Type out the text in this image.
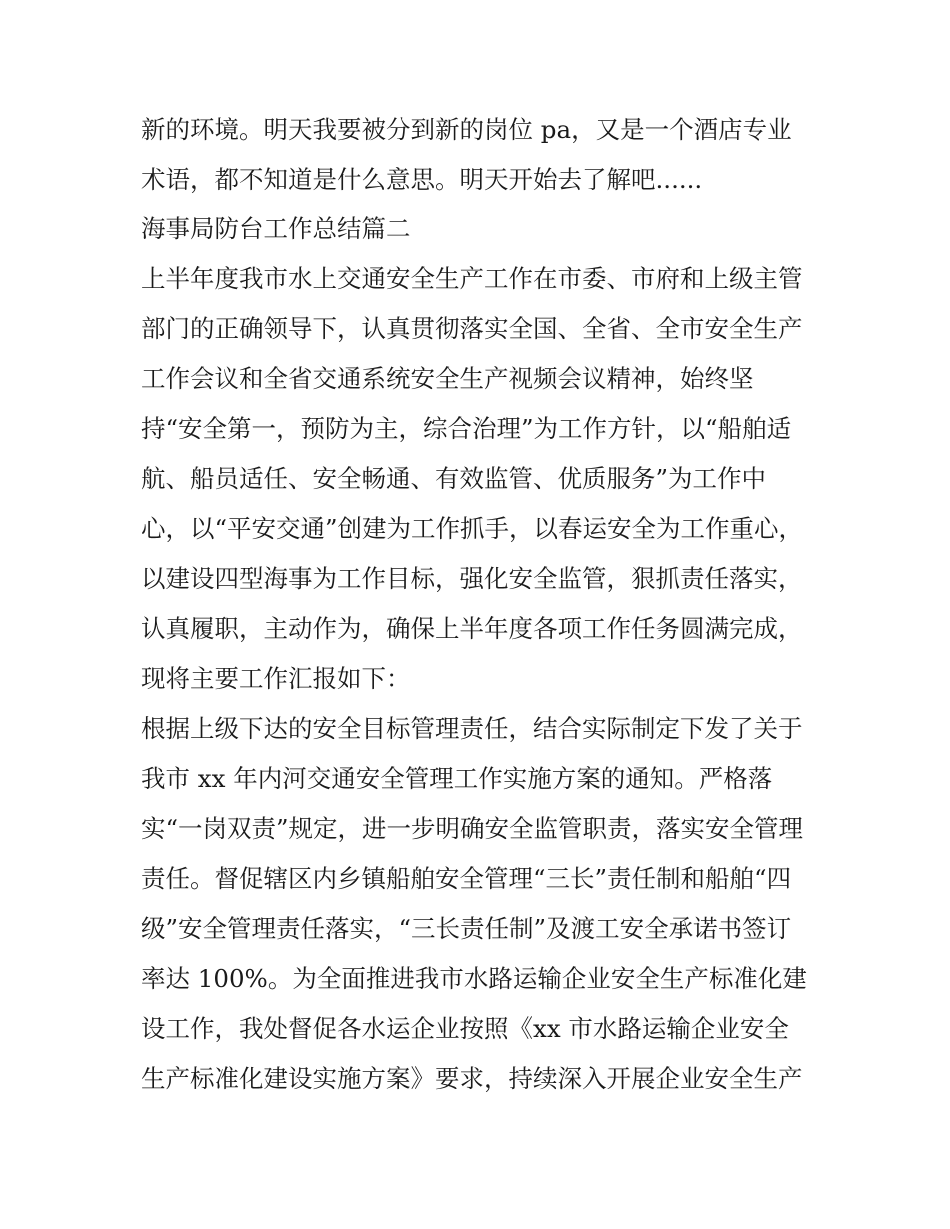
新的环境。明天我要被分到新的岗位 pa，又是一个酒店专业
术语，都不知道是什么意思。明天开始去了解吧......
海事局防台工作总结篇二
上半年度我市水上交通安全生产工作在市委、市府和上级主管
部门的正确领导下，认真贯彻落实全国、全省、全市安全生产
工作会议和全省交通系统安全生产视频会议精神，始终坚
持“安全第一，预防为主，综合治理”为工作方针，以“船舶适
航、船员适任、安全畅通、有效监管、优质服务”为工作中
心，以“平安交通”创建为工作抓手，以春运安全为工作重心，
以建设四型海事为工作目标，强化安全监管，狠抓责任落实，
认真履职，主动作为，确保上半年度各项工作任务圆满完成，
现将主要工作汇报如下：
根据上级下达的安全目标管理责任，结合实际制定下发了关于
我市 xx 年内河交通安全管理工作实施方案的通知。严格落
实“一岗双责”规定，进一步明确安全监管职责，落实安全管理
责任。督促辖区内乡镇船舶安全管理“三长”责任制和船舶“四
级”安全管理责任落实，“三长责任制”及渡工安全承诺书签订
率达 100%。为全面推进我市水路运输企业安全生产标准化建
设工作，我处督促各水运企业按照《xx 市水路运输企业安全
生产标准化建设实施方案》要求，持续深入开展企业安全生产
